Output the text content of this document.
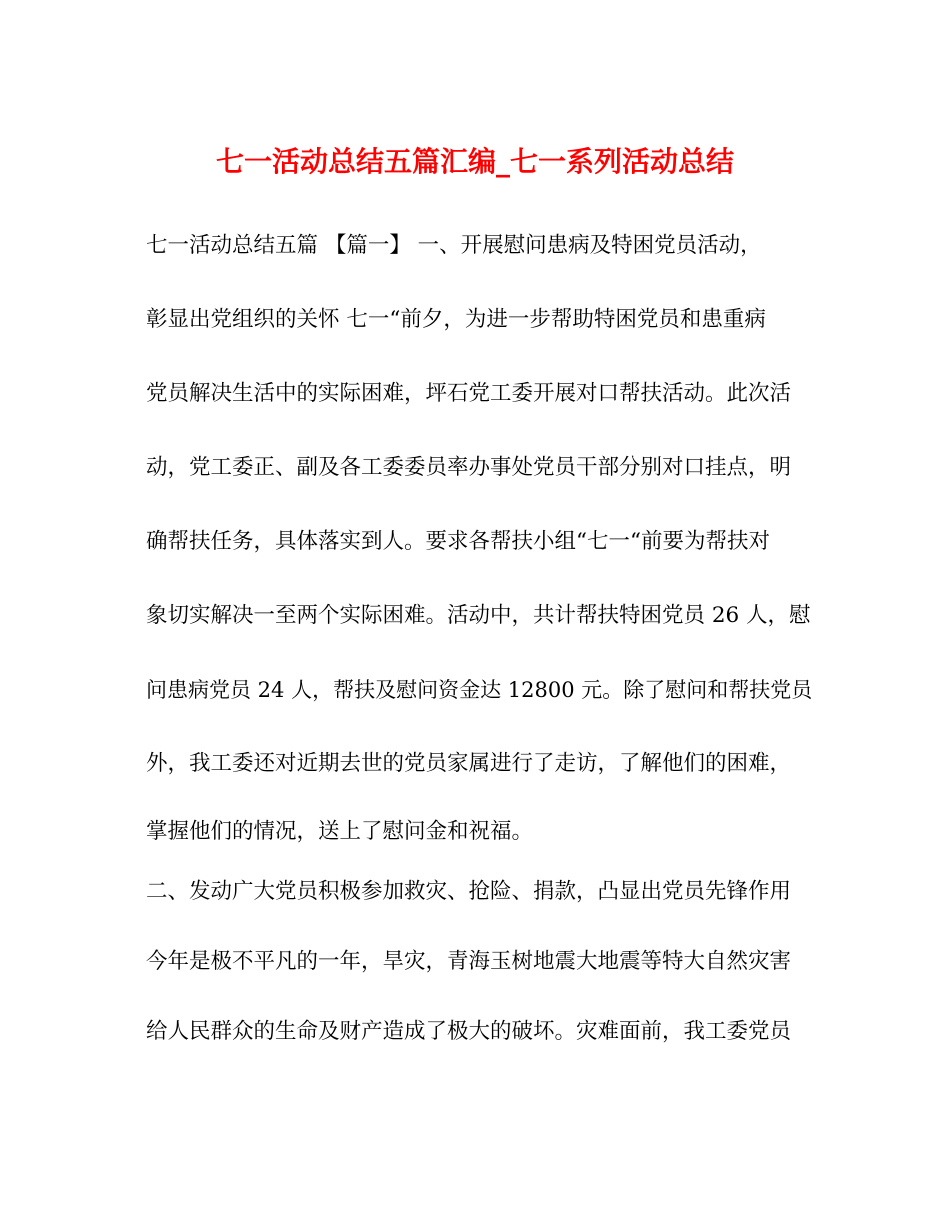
七一活动总结五篇汇编_七一系列活动总结

七一活动总结五篇 【篇一】 一、开展慰问患病及特困党员活动，

彰显出党组织的关怀 七一“前夕，为进一步帮助特困党员和患重病

党员解决生活中的实际困难，坪石党工委开展对口帮扶活动。此次活

动，党工委正、副及各工委委员率办事处党员干部分别对口挂点，明

确帮扶任务，具体落实到人。要求各帮扶小组“七一“前要为帮扶对

象切实解决一至两个实际困难。活动中，共计帮扶特困党员 26 人，慰

问患病党员 24 人，帮扶及慰问资金达 12800 元。除了慰问和帮扶党员

外，我工委还对近期去世的党员家属进行了走访，了解他们的困难，

掌握他们的情况，送上了慰问金和祝福。

二、发动广大党员积极参加救灾、抢险、捐款，凸显出党员先锋作用

今年是极不平凡的一年，旱灾，青海玉树地震大地震等特大自然灾害

给人民群众的生命及财产造成了极大的破坏。灾难面前，我工委党员
